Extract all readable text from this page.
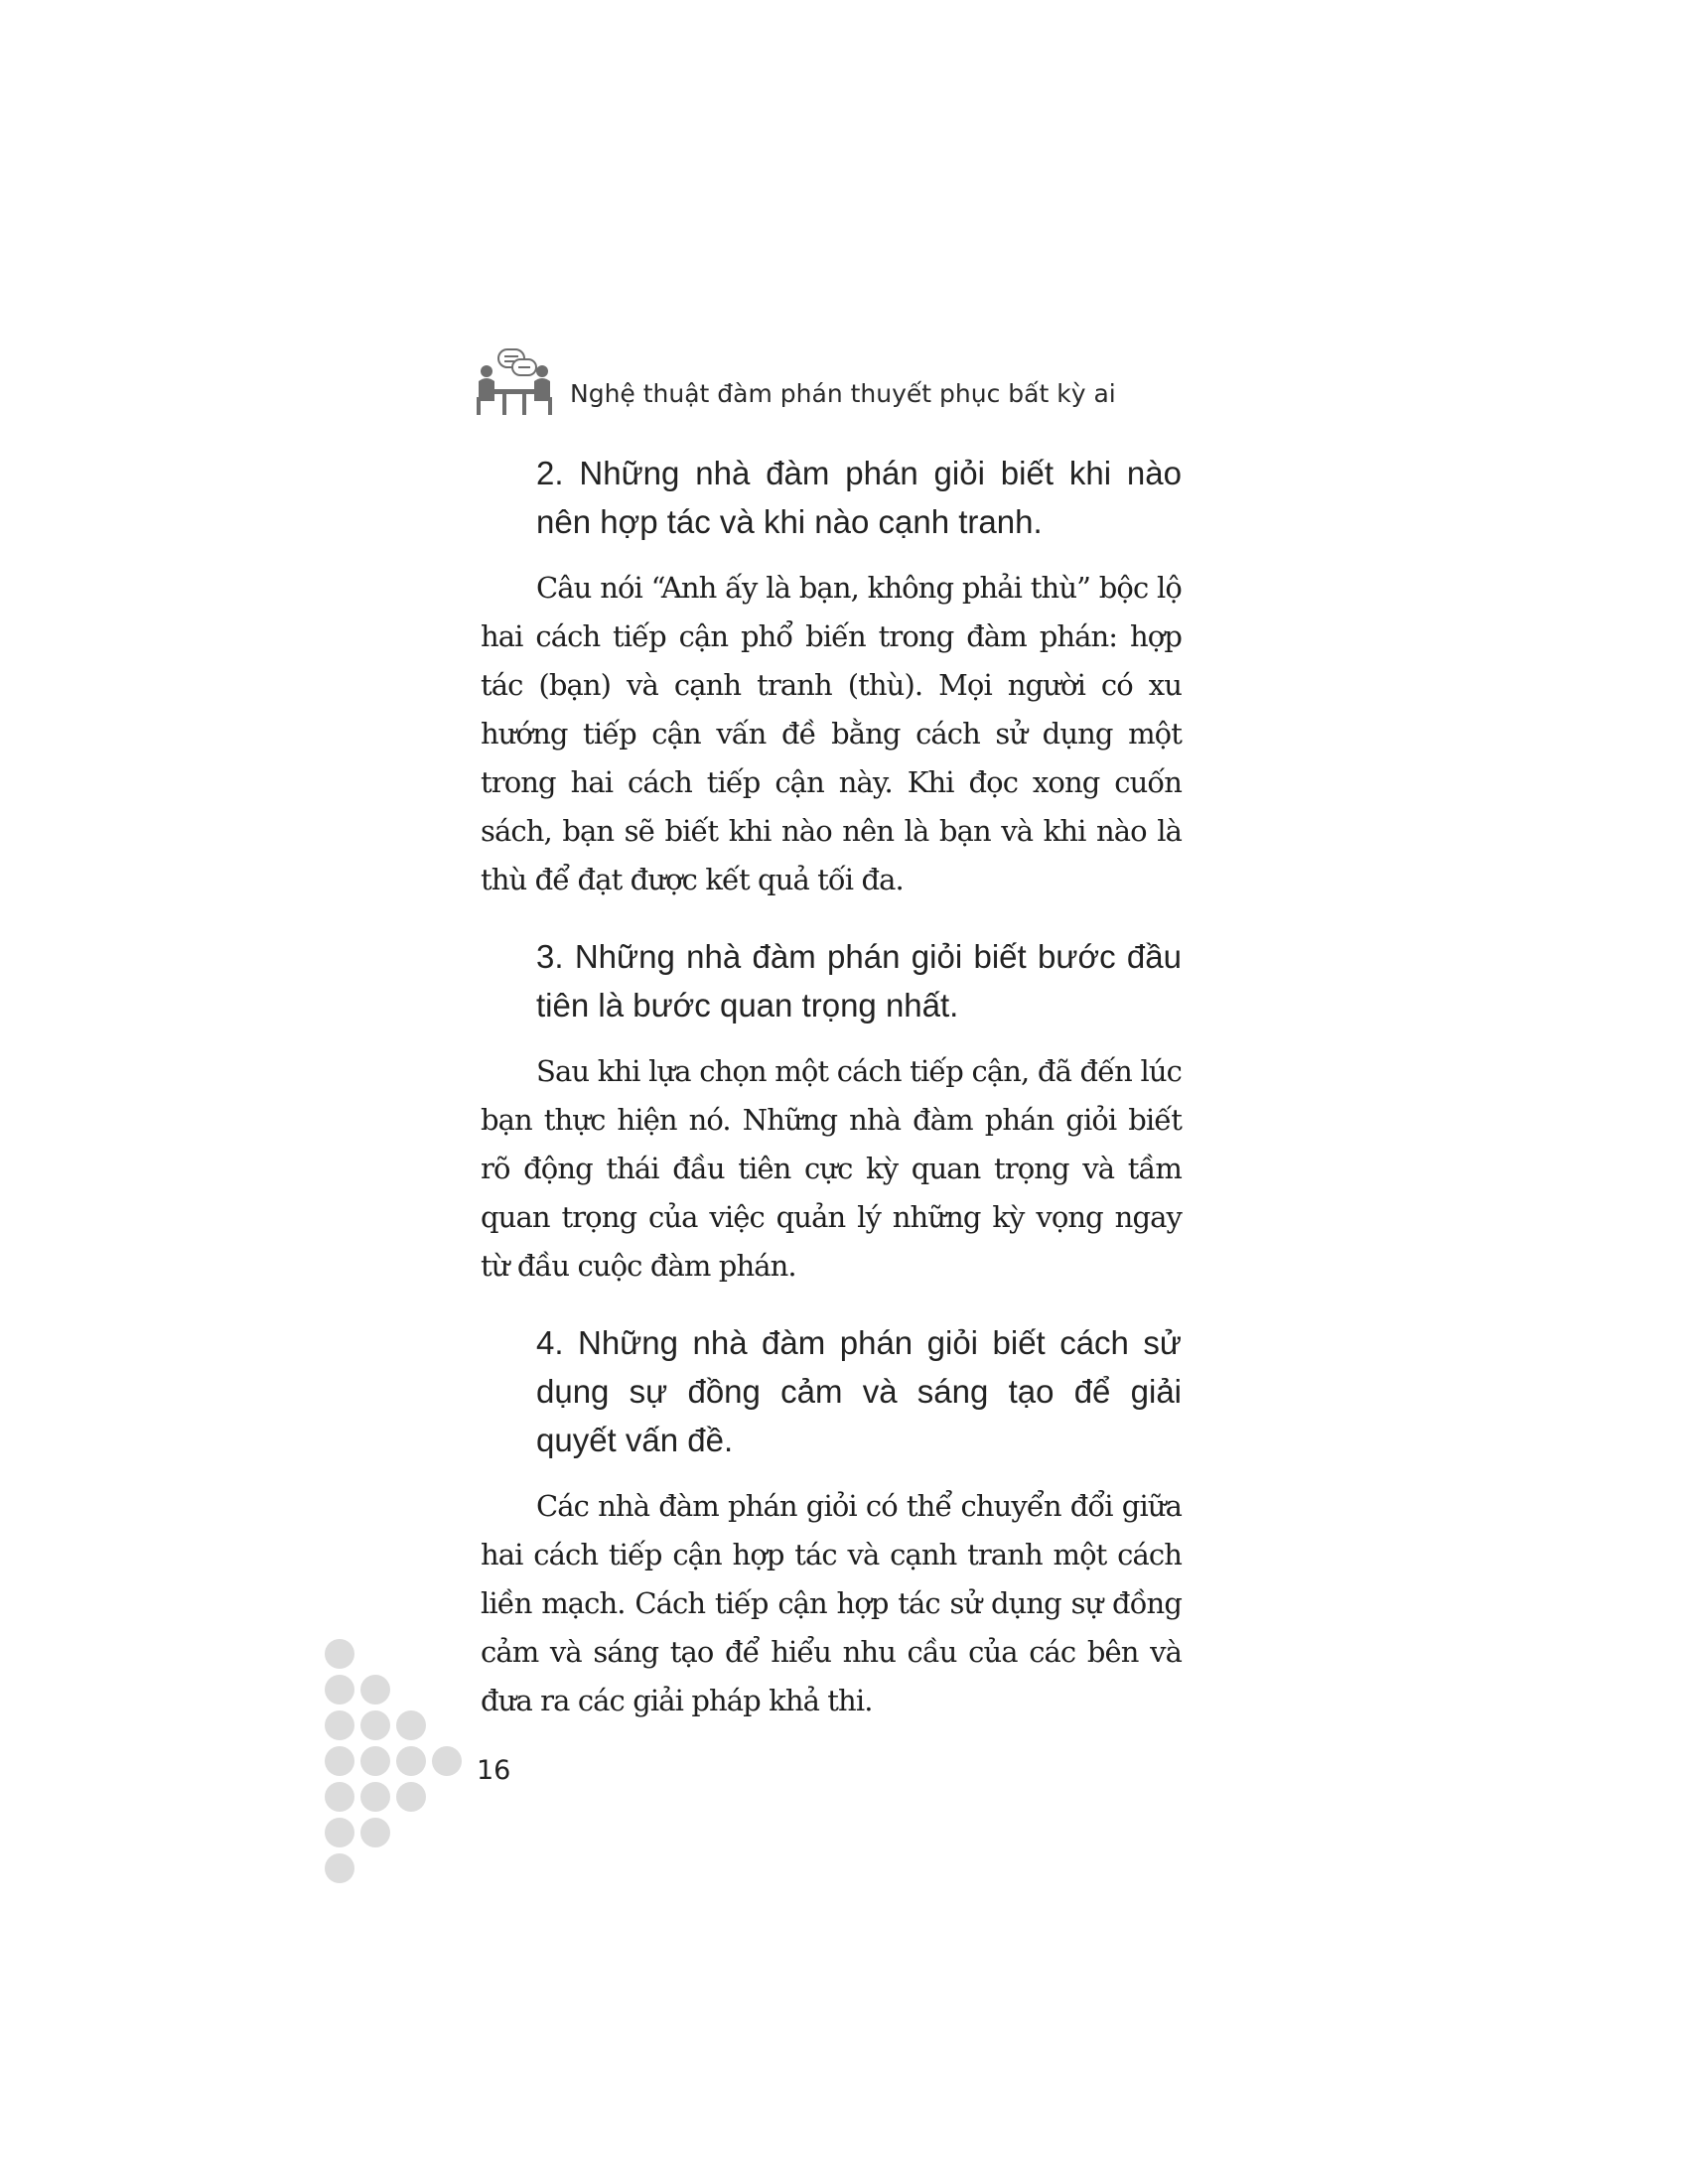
Nghệ thuật đàm phán thuyết phục bất kỳ ai
2. Những nhà đàm phán giỏi biết khi nào nên hợp tác và khi nào cạnh tranh.
Câu nói “Anh ấy là bạn, không phải thù” bộc lộ hai cách tiếp cận phổ biến trong đàm phán: hợp tác (bạn) và cạnh tranh (thù). Mọi người có xu hướng tiếp cận vấn đề bằng cách sử dụng một trong hai cách tiếp cận này. Khi đọc xong cuốn sách, bạn sẽ biết khi nào nên là bạn và khi nào là thù để đạt được kết quả tối đa.
3. Những nhà đàm phán giỏi biết bước đầu tiên là bước quan trọng nhất.
Sau khi lựa chọn một cách tiếp cận, đã đến lúc bạn thực hiện nó. Những nhà đàm phán giỏi biết rõ động thái đầu tiên cực kỳ quan trọng và tầm quan trọng của việc quản lý những kỳ vọng ngay từ đầu cuộc đàm phán.
4. Những nhà đàm phán giỏi biết cách sử dụng sự đồng cảm và sáng tạo để giải quyết vấn đề.
Các nhà đàm phán giỏi có thể chuyển đổi giữa hai cách tiếp cận hợp tác và cạnh tranh một cách liền mạch. Cách tiếp cận hợp tác sử dụng sự đồng cảm và sáng tạo để hiểu nhu cầu của các bên và đưa ra các giải pháp khả thi.
16
